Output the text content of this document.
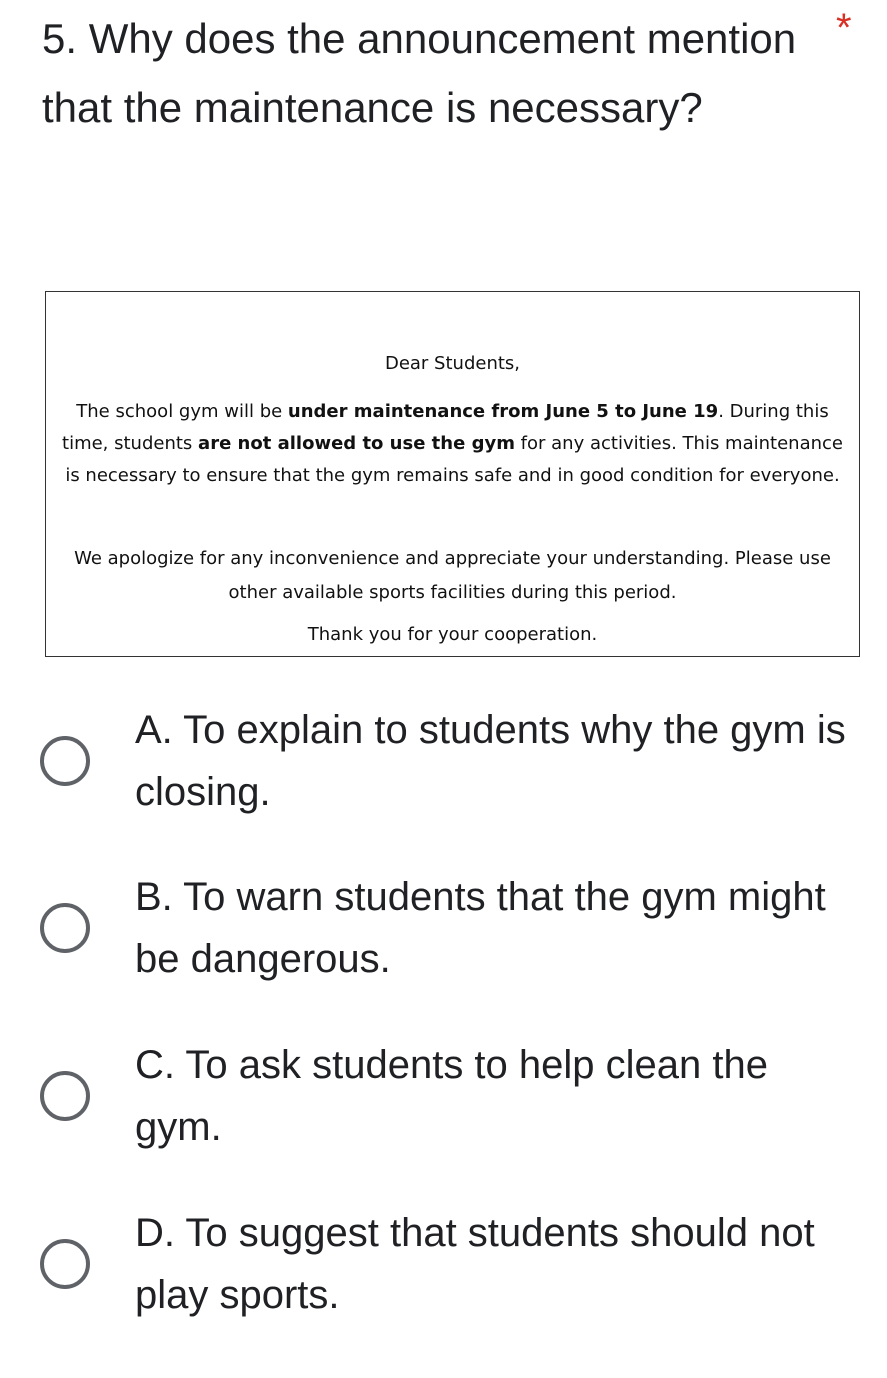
5. Why does the announcement mention that the maintenance is necessary?
*

Dear Students,

The school gym will be under maintenance from June 5 to June 19. During this time, students are not allowed to use the gym for any activities. This maintenance is necessary to ensure that the gym remains safe and in good condition for everyone.

We apologize for any inconvenience and appreciate your understanding. Please use other available sports facilities during this period.

Thank you for your cooperation.

A. To explain to students why the gym is closing.
B. To warn students that the gym might be dangerous.
C. To ask students to help clean the gym.
D. To suggest that students should not play sports.
